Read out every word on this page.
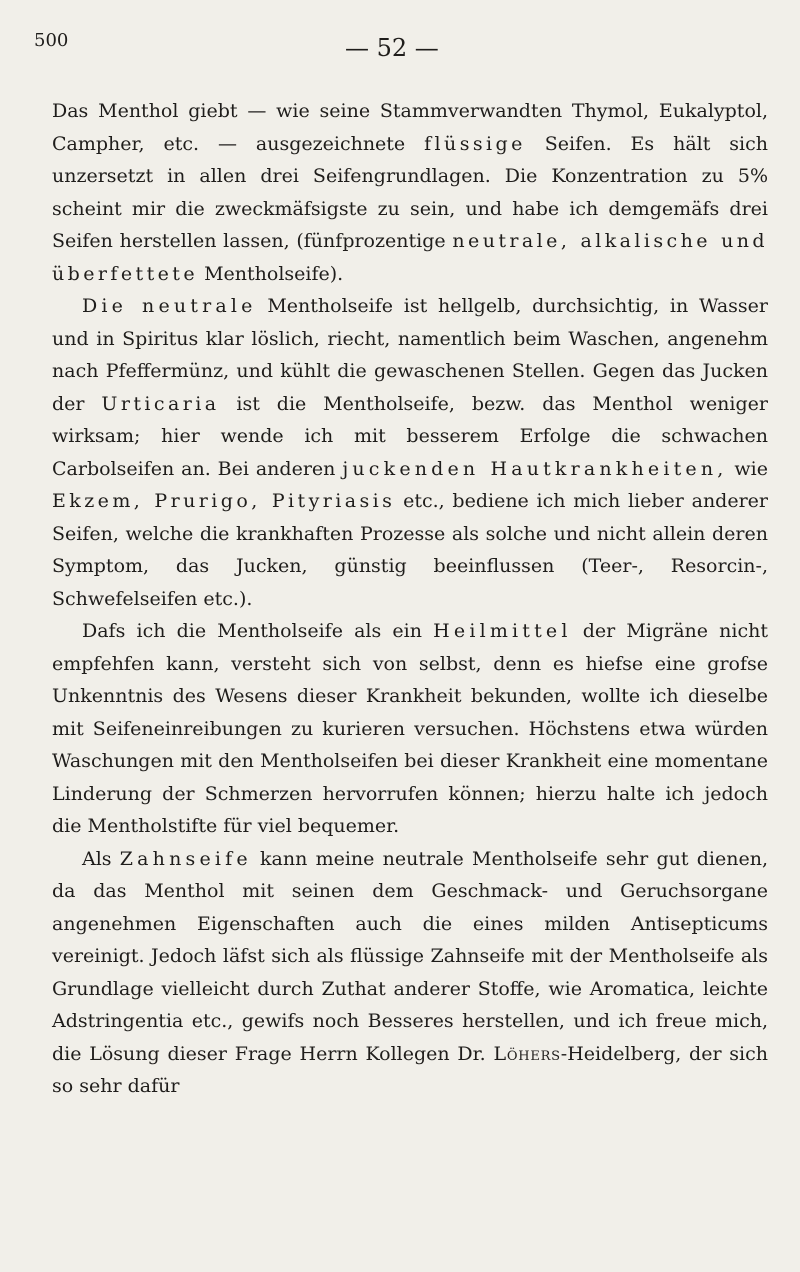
500	— 52 —

Das Menthol giebt — wie seine Stammverwandten Thymol, Eukalyptol, Campher, etc. — ausgezeichnete flüssige Seifen. Es hält sich unzersetzt in allen drei Seifengrundlagen. Die Konzentration zu 5% scheint mir die zweckmäfsigste zu sein, und habe ich demgemäfs drei Seifen herstellen lassen, (fünfprozentige neutrale, alkalische und überfettete Mentholseife).

Die neutrale Mentholseife ist hellgelb, durchsichtig, in Wasser und in Spiritus klar löslich, riecht, namentlich beim Waschen, angenehm nach Pfeffermünz, und kühlt die gewaschenen Stellen. Gegen das Jucken der Urticaria ist die Mentholseife, bezw. das Menthol weniger wirksam; hier wende ich mit besserem Erfolge die schwachen Carbolseifen an. Bei anderen juckenden Hautkrankheiten, wie Ekzem, Prurigo, Pityriasis etc., bediene ich mich lieber anderer Seifen, welche die krankhaften Prozesse als solche und nicht allein deren Symptom, das Jucken, günstig beeinflussen (Teer-, Resorcin-, Schwefelseifen etc.).

Dafs ich die Mentholseife als ein Heilmittel der Migräne nicht empfehfen kann, versteht sich von selbst, denn es hiefse eine grofse Unkenntnis des Wesens dieser Krankheit bekunden, wollte ich dieselbe mit Seifeneinreibungen zu kurieren versuchen. Höchstens etwa würden Waschungen mit den Mentholseifen bei dieser Krankheit eine momentane Linderung der Schmerzen hervorrufen können; hierzu halte ich jedoch die Mentholstifte für viel bequemer.

Als Zahnseife kann meine neutrale Mentholseife sehr gut dienen, da das Menthol mit seinen dem Geschmack- und Geruchsorgane angenehmen Eigenschaften auch die eines milden Antisepticums vereinigt. Jedoch läfst sich als flüssige Zahnseife mit der Mentholseife als Grundlage vielleicht durch Zuthat anderer Stoffe, wie Aromatica, leichte Adstringentia etc., gewifs noch Besseres herstellen, und ich freue mich, die Lösung dieser Frage Herrn Kollegen Dr. Löhers-Heidelberg, der sich so sehr dafür
